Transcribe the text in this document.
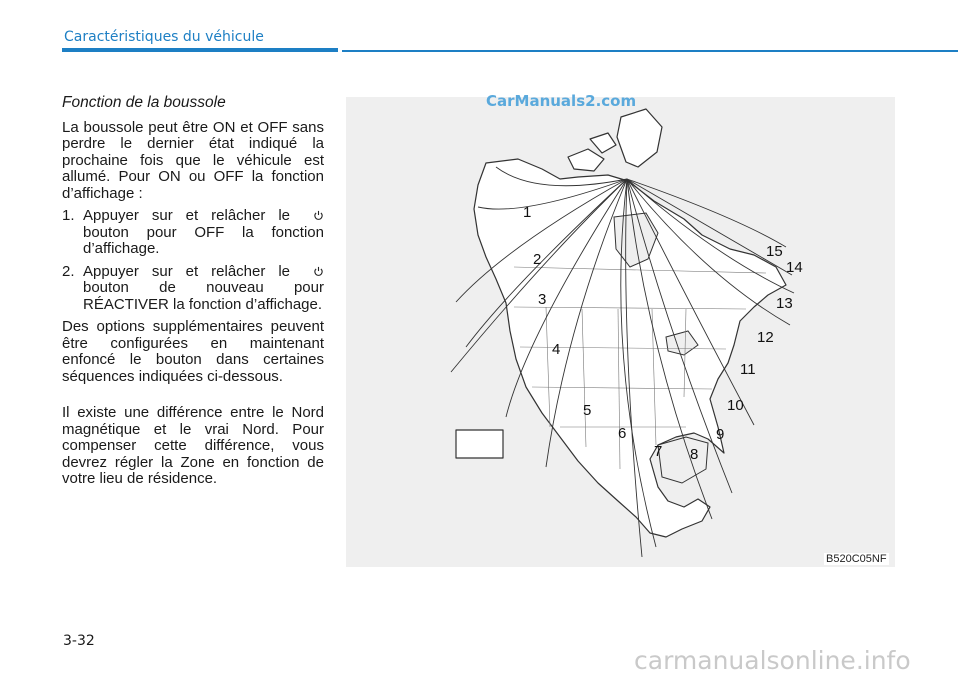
Caractéristiques du véhicule

Fonction de la boussole

La boussole peut être ON et OFF sans perdre le dernier état indiqué la prochaine fois que le véhicule est allumé. Pour ON ou OFF la fonction d’affichage :

1. Appuyer sur et relâcher le  bouton pour OFF la fonction d’affichage.
2. Appuyer sur et relâcher le  bouton de nouveau pour RÉACTIVER la fonction d’affichage.

Des options supplémentaires peuvent être configurées en maintenant enfoncé le bouton dans certaines séquences indiquées ci-dessous.

Il existe une différence entre le Nord magnétique et le vrai Nord. Pour compenser cette différence, vous devrez régler la Zone en fonction de votre lieu de résidence.

1
2
3
4
5
6
7 8
9
10
11
12
13
14
15
CarManuals2.com
B520C05NF
3-32
carmanualsonline.info
